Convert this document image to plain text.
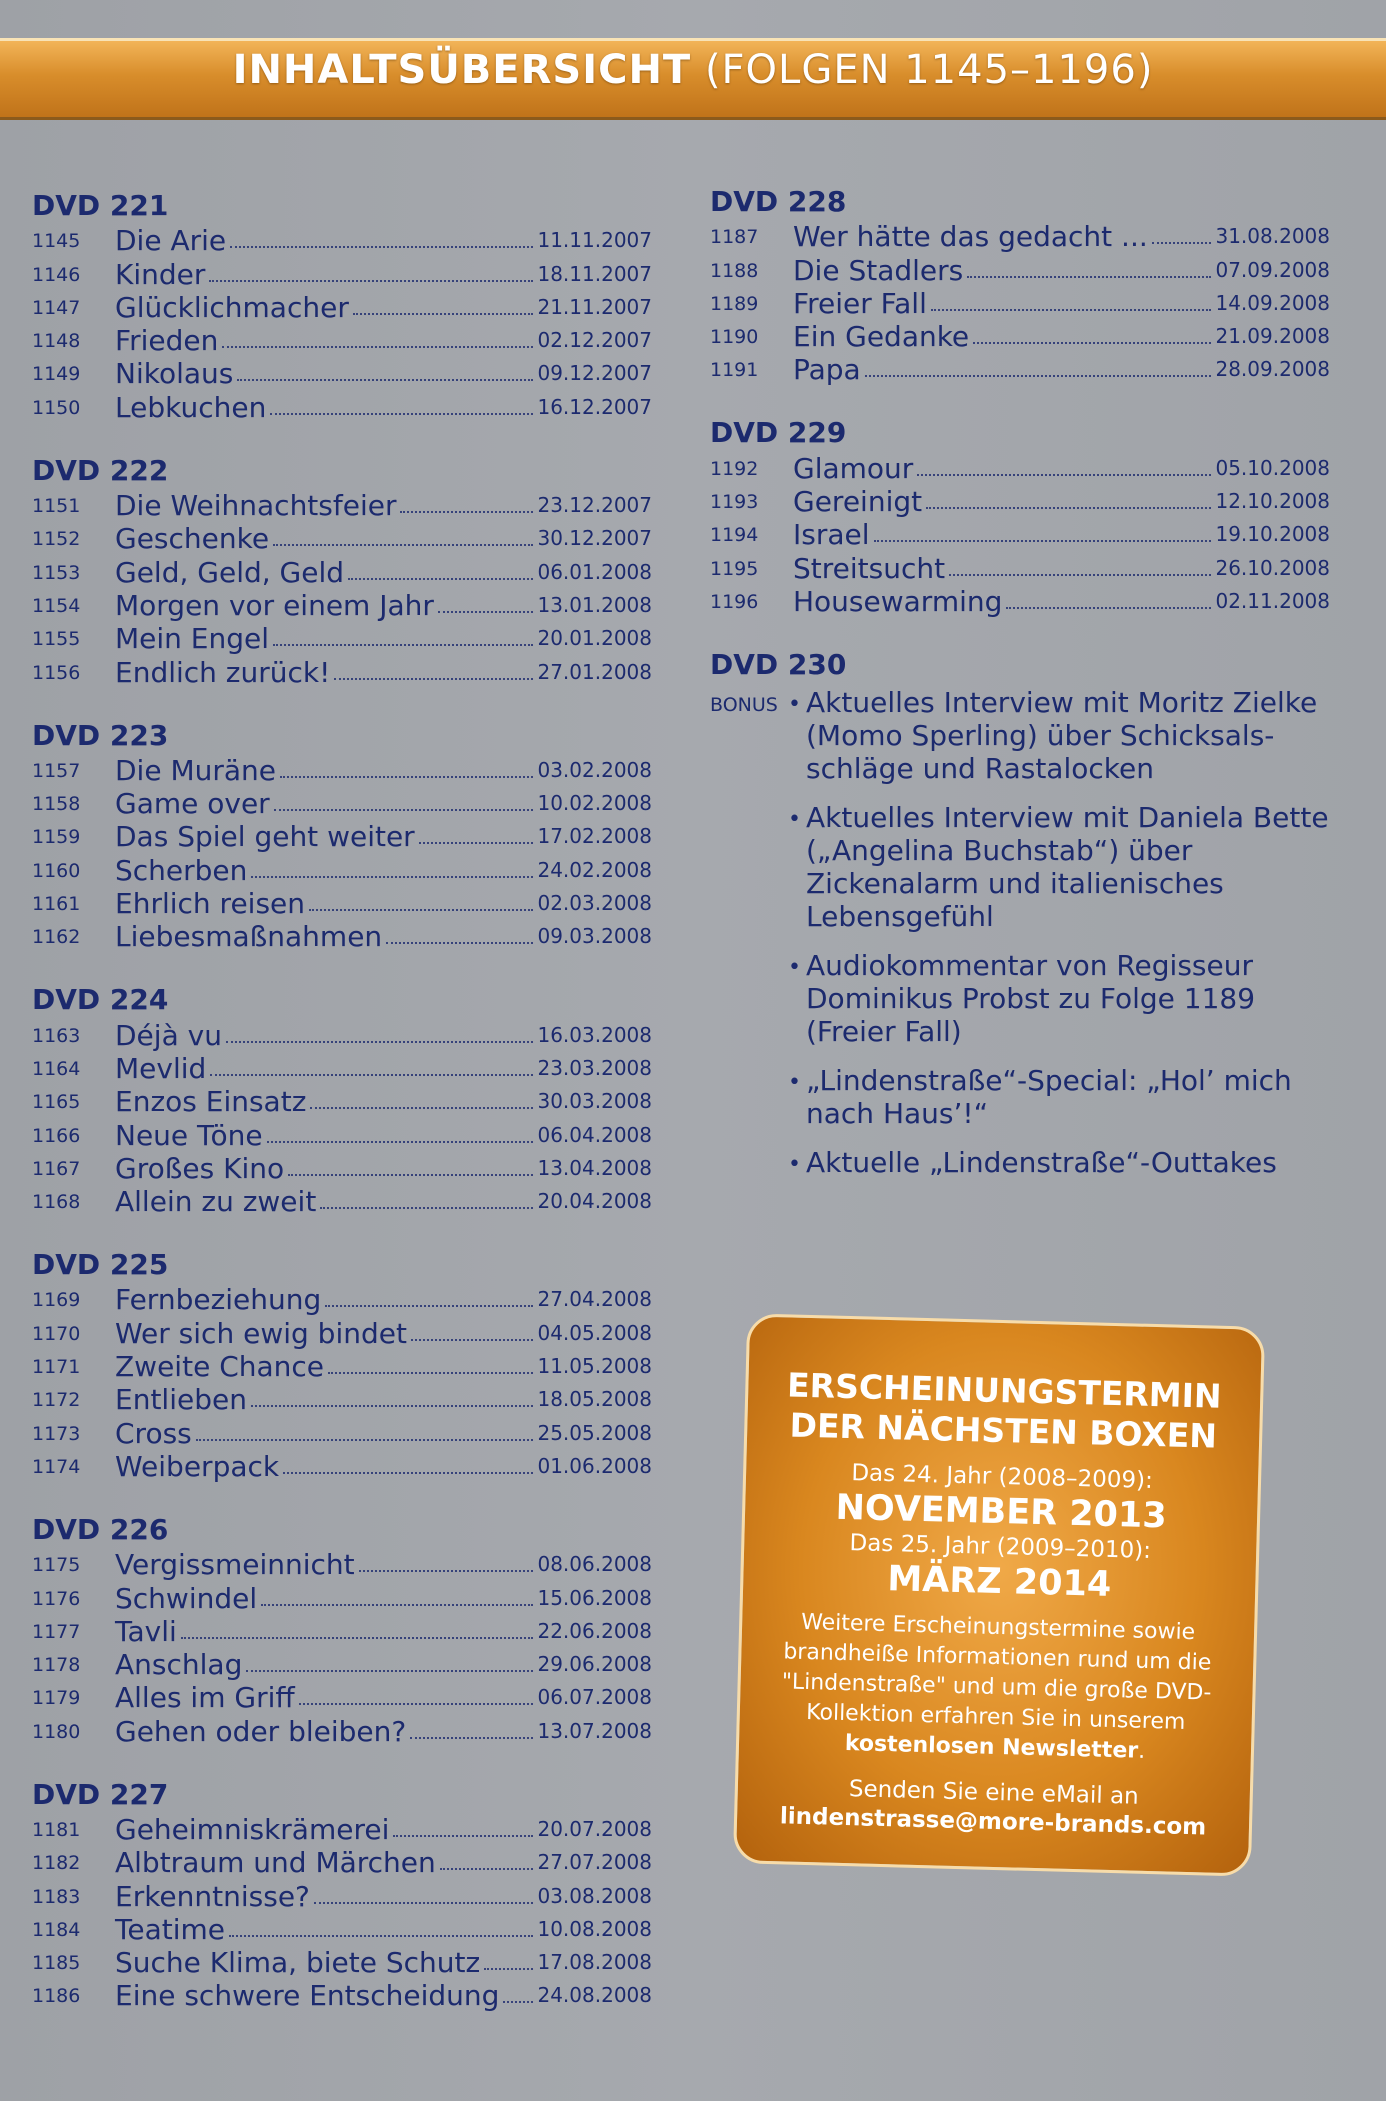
INHALTSÜBERSICHT (FOLGEN 1145–1196)
DVD 221
1145	Die Arie	11.11.2007
1146	Kinder	18.11.2007
1147	Glücklichmacher	21.11.2007
1148	Frieden	02.12.2007
1149	Nikolaus	09.12.2007
1150	Lebkuchen	16.12.2007
DVD 222
1151	Die Weihnachtsfeier	23.12.2007
1152	Geschenke	30.12.2007
1153	Geld, Geld, Geld	06.01.2008
1154	Morgen vor einem Jahr	13.01.2008
1155	Mein Engel	20.01.2008
1156	Endlich zurück!	27.01.2008
DVD 223
1157	Die Muräne	03.02.2008
1158	Game over	10.02.2008
1159	Das Spiel geht weiter	17.02.2008
1160	Scherben	24.02.2008
1161	Ehrlich reisen	02.03.2008
1162	Liebesmaßnahmen	09.03.2008
DVD 224
1163	Déjà vu	16.03.2008
1164	Mevlid	23.03.2008
1165	Enzos Einsatz	30.03.2008
1166	Neue Töne	06.04.2008
1167	Großes Kino	13.04.2008
1168	Allein zu zweit	20.04.2008
DVD 225
1169	Fernbeziehung	27.04.2008
1170	Wer sich ewig bindet	04.05.2008
1171	Zweite Chance	11.05.2008
1172	Entlieben	18.05.2008
1173	Cross	25.05.2008
1174	Weiberpack	01.06.2008
DVD 226
1175	Vergissmeinnicht	08.06.2008
1176	Schwindel	15.06.2008
1177	Tavli	22.06.2008
1178	Anschlag	29.06.2008
1179	Alles im Griff	06.07.2008
1180	Gehen oder bleiben?	13.07.2008
DVD 227
1181	Geheimniskrämerei	20.07.2008
1182	Albtraum und Märchen	27.07.2008
1183	Erkenntnisse?	03.08.2008
1184	Teatime	10.08.2008
1185	Suche Klima, biete Schutz	17.08.2008
1186	Eine schwere Entscheidung 24.08.2008
DVD 228
1187	Wer hätte das gedacht ...	31.08.2008
1188	Die Stadlers	07.09.2008
1189	Freier Fall	14.09.2008
1190	Ein Gedanke	21.09.2008
1191	Papa	28.09.2008
DVD 229
1192	Glamour	05.10.2008
1193	Gereinigt	12.10.2008
1194	Israel	19.10.2008
1195	Streitsucht	26.10.2008
1196	Housewarming	02.11.2008
DVD 230
BONUS
•	Aktuelles Interview mit Moritz Zielke (Momo Sperling) über Schicksals- schläge und Rastalocken
• Aktuelles Interview mit Daniela Bette („Angelina Buchstab“) über Zickenalarm und italienisches Lebensgefühl
• Audiokommentar von Regisseur Dominikus Probst zu Folge 1189 (Freier Fall)
• „Lindenstraße“-Special: „Hol’ mich nach Haus’!“
• Aktuelle „Lindenstraße“-Outtakes
ERSCHEINUNGSTERMIN
DER NÄCHSTEN BOXEN
Das 24. Jahr (2008–2009):
NOVEMBER 2013
Das 25. Jahr (2009–2010):
MÄRZ 2014
Weitere Erscheinungstermine sowie brandheiße Informationen rund um die "Lindenstraße" und um die große DVD-Kollektion erfahren Sie in unserem kostenlosen Newsletter.
Senden Sie eine eMail an
lindenstrasse@more-brands.com
